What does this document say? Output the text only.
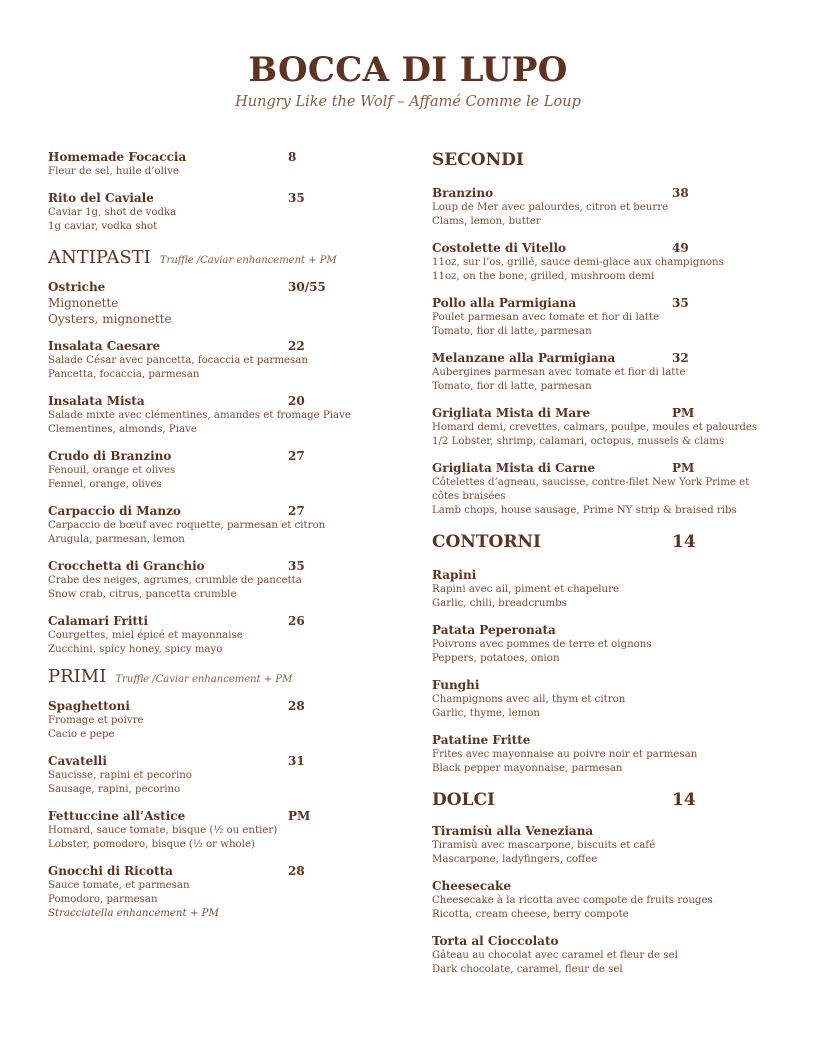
BOCCA DI LUPO
Hungry Like the Wolf – Affamé Comme le Loup
Homemade Focaccia	8
Fleur de sel, huile d’olive
Rito del Caviale	35
Caviar 1g, shot de vodka
1g caviar, vodka shot
ANTIPASTI Truffle /Caviar enhancement + PM
Ostriche	30/55
Mignonette
Oysters, mignonette
Insalata Caesare	22
Salade César avec pancetta, focaccia et parmesan
Pancetta, focaccia, parmesan
Insalata Mista	20
Salade mixte avec clémentines, amandes et fromage Piave
Clementines, almonds, Piave
Crudo di Branzino	27
Fenouil, orange et olives
Fennel, orange, olives
Carpaccio di Manzo	27
Carpaccio de bœuf avec roquette, parmesan et citron
Arugula, parmesan, lemon
Crocchetta di Granchio	35
Crabe des neiges, agrumes, crumble de pancetta
Snow crab, citrus, pancetta crumble
Calamari Fritti	26
Courgettes, miel épicé et mayonnaise
Zucchini, spicy honey, spicy mayo
PRIMI Truffle /Caviar enhancement + PM
Spaghettoni	28
Fromage et poivre
Cacio e pepe
Cavatelli	31
Saucisse, rapini et pecorino
Sausage, rapini, pecorino
Fettuccine all’Astice	PM
Homard, sauce tomate, bisque (½ ou entier)
Lobster, pomodoro, bisque (½ or whole)
Gnocchi di Ricotta	28
Sauce tomate, et parmesan
Pomodoro, parmesan
Stracciatella enhancement + PM
SECONDI
Branzino	38
Loup de Mer avec palourdes, citron et beurre
Clams, lemon, butter
Costolette di Vitello	49
11oz, sur l’os, grillé, sauce demi-glace aux champignons
11oz, on the bone, grilled, mushroom demi
Pollo alla Parmigiana	35
Poulet parmesan avec tomate et fior di latte
Tomato, fior di latte, parmesan
Melanzane alla Parmigiana	32
Aubergines parmesan avec tomate et fior di latte
Tomato, fior di latte, parmesan
Grigliata Mista di Mare	PM
Homard demi, crevettes, calmars, poulpe, moules et palourdes
1/2 Lobster, shrimp, calamari, octopus, mussels & clams
Grigliata Mista di Carne	PM
Côtelettes d’agneau, saucisse, contre-filet New York Prime et côtes braisées
Lamb chops, house sausage, Prime NY strip & braised ribs
CONTORNI	14
Rapini
Rapini avec ail, piment et chapelure
Garlic, chili, breadcrumbs
Patata Peperonata
Poivrons avec pommes de terre et oignons
Peppers, potatoes, onion
Funghi
Champignons avec ail, thym et citron
Garlic, thyme, lemon
Patatine Fritte
Frites avec mayonnaise au poivre noir et parmesan
Black pepper mayonnaise, parmesan
DOLCI	14
Tiramisù alla Veneziana
Tiramisù avec mascarpone, biscuits et café
Mascarpone, ladyfingers, coffee
Cheesecake
Cheesecake à la ricotta avec compote de fruits rouges
Ricotta, cream cheese, berry compote
Torta al Cioccolato
Gâteau au chocolat avec caramel et fleur de sel
Dark chocolate, caramel, fleur de sel
